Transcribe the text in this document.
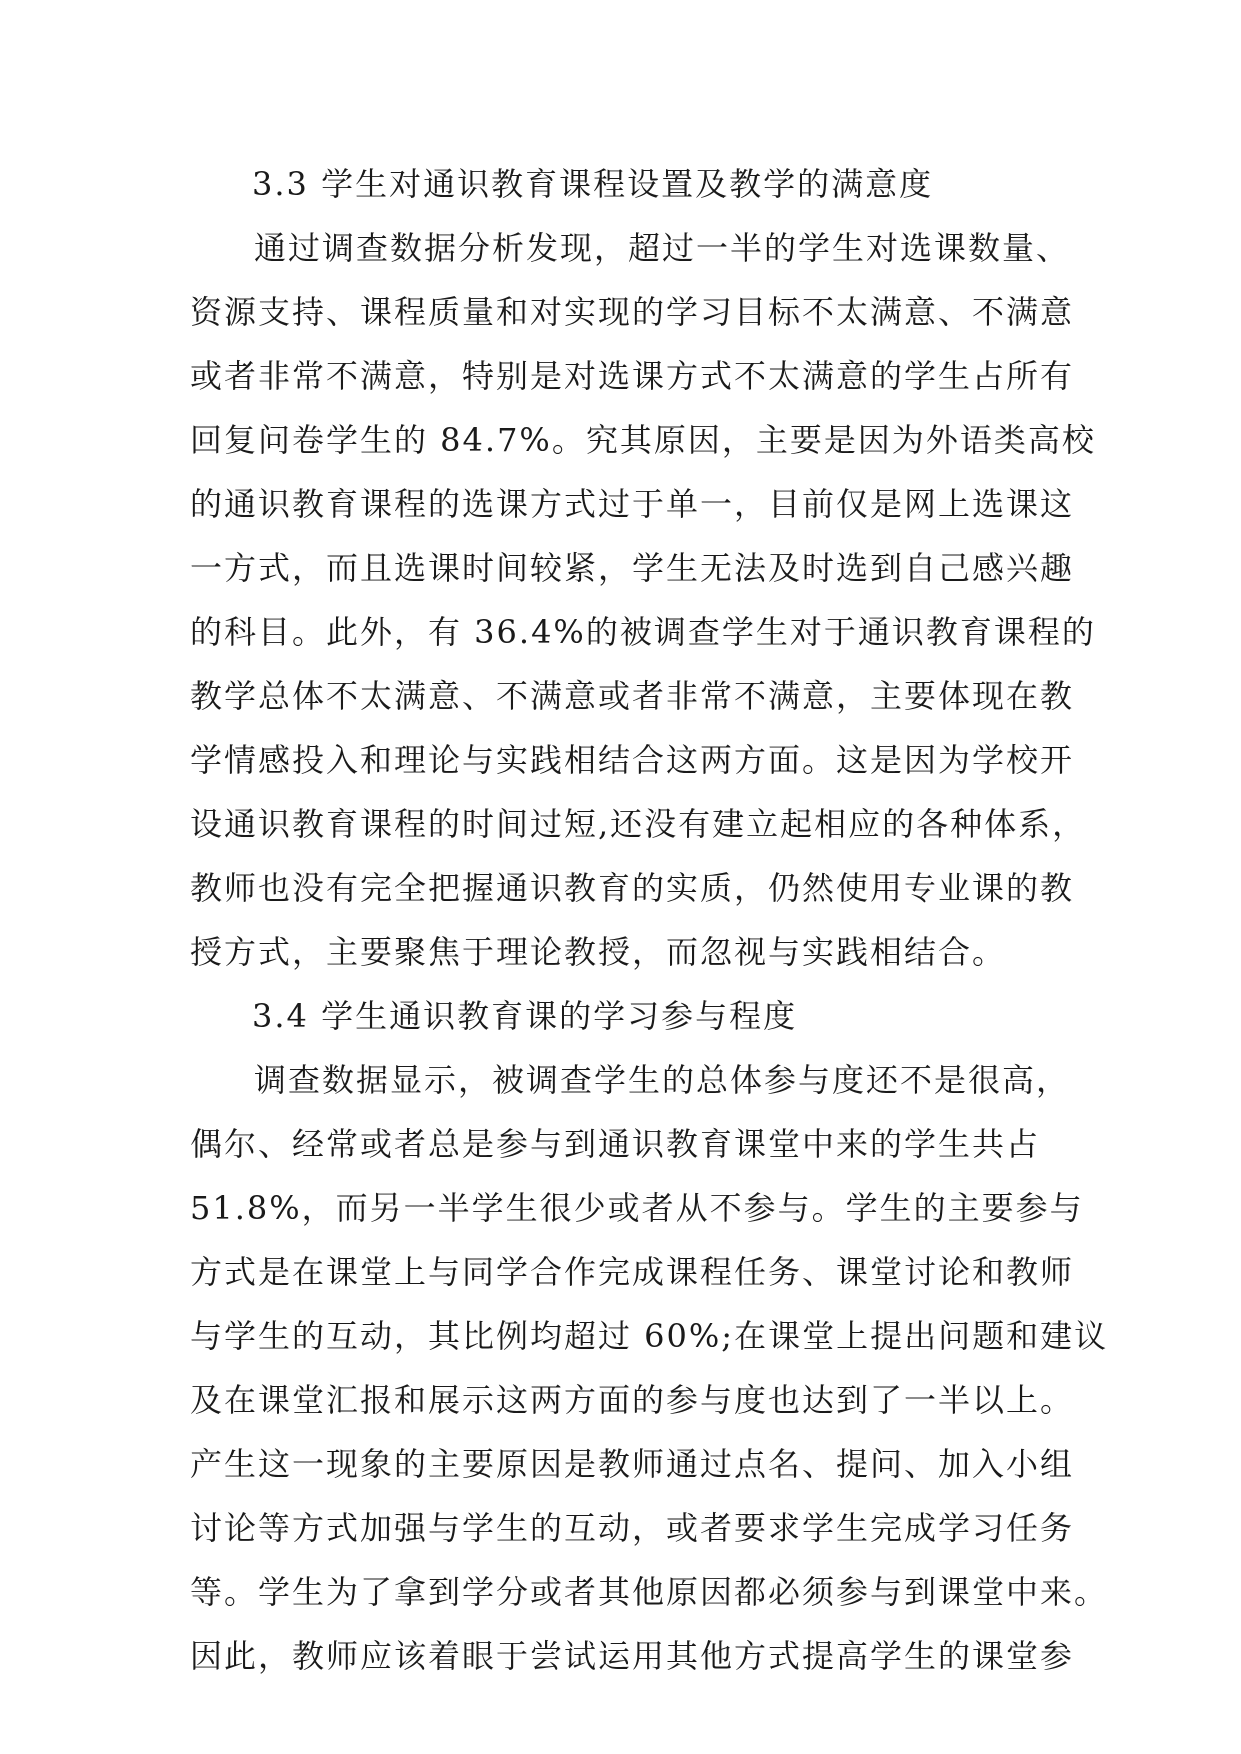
3.3 学生对通识教育课程设置及教学的满意度
通过调查数据分析发现，超过一半的学生对选课数量、
资源支持、课程质量和对实现的学习目标不太满意、不满意
或者非常不满意，特别是对选课方式不太满意的学生占所有
回复问卷学生的 84.7%。究其原因，主要是因为外语类高校
的通识教育课程的选课方式过于单一，目前仅是网上选课这
一方式，而且选课时间较紧，学生无法及时选到自己感兴趣
的科目。此外，有 36.4%的被调查学生对于通识教育课程的
教学总体不太满意、不满意或者非常不满意，主要体现在教
学情感投入和理论与实践相结合这两方面。这是因为学校开
设通识教育课程的时间过短,还没有建立起相应的各种体系，
教师也没有完全把握通识教育的实质，仍然使用专业课的教
授方式，主要聚焦于理论教授，而忽视与实践相结合。
3.4 学生通识教育课的学习参与程度
调查数据显示，被调查学生的总体参与度还不是很高，
偶尔、经常或者总是参与到通识教育课堂中来的学生共占
51.8%，而另一半学生很少或者从不参与。学生的主要参与
方式是在课堂上与同学合作完成课程任务、课堂讨论和教师
与学生的互动，其比例均超过 60%;在课堂上提出问题和建议
及在课堂汇报和展示这两方面的参与度也达到了一半以上。
产生这一现象的主要原因是教师通过点名、提问、加入小组
讨论等方式加强与学生的互动，或者要求学生完成学习任务
等。学生为了拿到学分或者其他原因都必须参与到课堂中来。
因此，教师应该着眼于尝试运用其他方式提高学生的课堂参
